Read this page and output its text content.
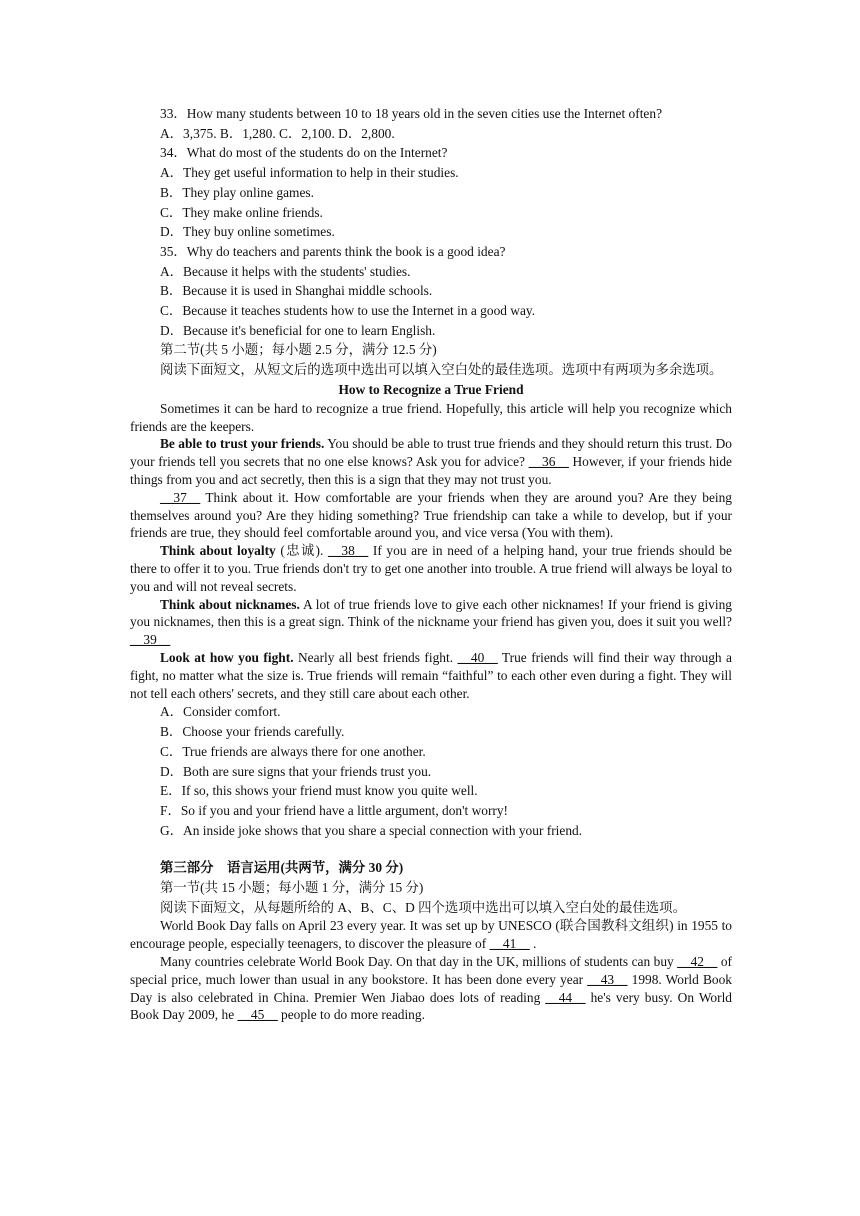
33．How many students between 10 to 18 years old in the seven cities use the Internet often?
A．3,375. B．1,280. C．2,100. D．2,800.
34．What do most of the students do on the Internet?
A．They get useful information to help in their studies.
B．They play online games.
C．They make online friends.
D．They buy online sometimes.
35．Why do teachers and parents think the book is a good idea?
A．Because it helps with the students' studies.
B．Because it is used in Shanghai middle schools.
C．Because it teaches students how to use the Internet in a good way.
D．Because it's beneficial for one to learn English.
第二节(共 5 小题；每小题 2.5 分，满分 12.5 分)

阅读下面短文，从短文后的选项中选出可以填入空白处的最佳选项。选项中有两项为多余选项。

How to Recognize a True Friend

Sometimes it can be hard to recognize a true friend. Hopefully, this article will help you recognize which friends are the keepers.

Be able to trust your friends. You should be able to trust true friends and they should return this trust. Do your friends tell you secrets that no one else knows? Ask you for advice? __36__ However, if your friends hide things from you and act secretly, then this is a sign that they may not trust you.

__37__ Think about it. How comfortable are your friends when they are around you? Are they being themselves around you? Are they hiding something? True friendship can take a while to develop, but if your friends are true, they should feel comfortable around you, and vice versa (You with them).

Think about loyalty (忠诚). __38__ If you are in need of a helping hand, your true friends should be there to offer it to you. True friends don't try to get one another into trouble. A true friend will always be loyal to you and will not reveal secrets.

Think about nicknames. A lot of true friends love to give each other nicknames! If your friend is giving you nicknames, then this is a great sign. Think of the nickname your friend has given you, does it suit you well? __39__

Look at how you fight. Nearly all best friends fight. __40__ True friends will find their way through a fight, no matter what the size is. True friends will remain “faithful” to each other even during a fight. They will not tell each others' secrets, and they still care about each other.

A．Consider comfort.
B．Choose your friends carefully.
C．True friends are always there for one another.
D．Both are sure signs that your friends trust you.
E．If so, this shows your friend must know you quite well.
F．So if you and your friend have a little argument, don't worry!
G．An inside joke shows that you share a special connection with your friend.
第三部分　语言运用(共两节，满分 30 分)
第一节(共 15 小题；每小题 1 分，满分 15 分)

阅读下面短文，从每题所给的 A、B、C、D 四个选项中选出可以填入空白处的最佳选项。

World Book Day falls on April 23 every year. It was set up by UNESCO (联合国教科文组织) in 1955 to encourage people, especially teenagers, to discover the pleasure of __41__ .

Many countries celebrate World Book Day. On that day in the UK, millions of students can buy __42__ of special price, much lower than usual in any bookstore. It has been done every year __43__ 1998. World Book Day is also celebrated in China. Premier Wen Jiabao does lots of reading __44__ he's very busy. On World Book Day 2009, he __45__ people to do more reading.
